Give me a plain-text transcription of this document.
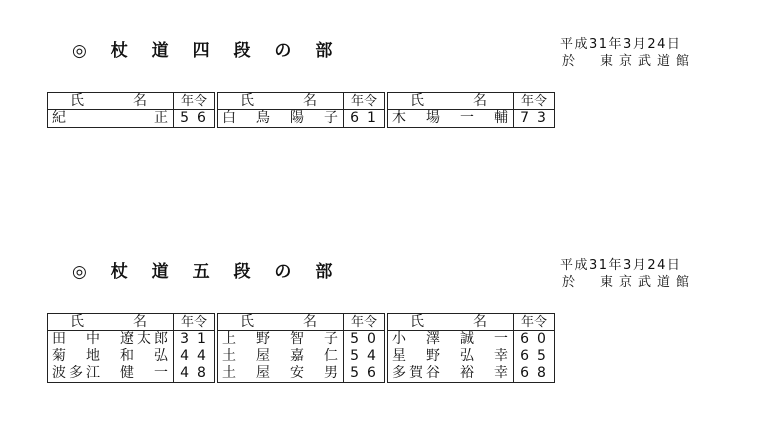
◎ 杖 道 四 段 の 部	平成31年3月24日
於　東京武道館
氏	名	年令
紀　　　　　正 56
氏	名	年令
白　鳥　陽　子 61
氏	名	年令
木　場　一　輔 73
◎ 杖 道 五 段 の 部	平成31年3月24日
於　東京武道館
氏	名	年令
田　中　遼太郎 31
菊　地　和　弘 44
波多江　健　一 48
氏	名	年令
上　野　智　子 50
土　屋　嘉　仁 54
土　屋　安　男 56
氏	名	年令
小　澤　誠　一 60
星　野　弘　幸 65
多賀谷　裕　幸 68
